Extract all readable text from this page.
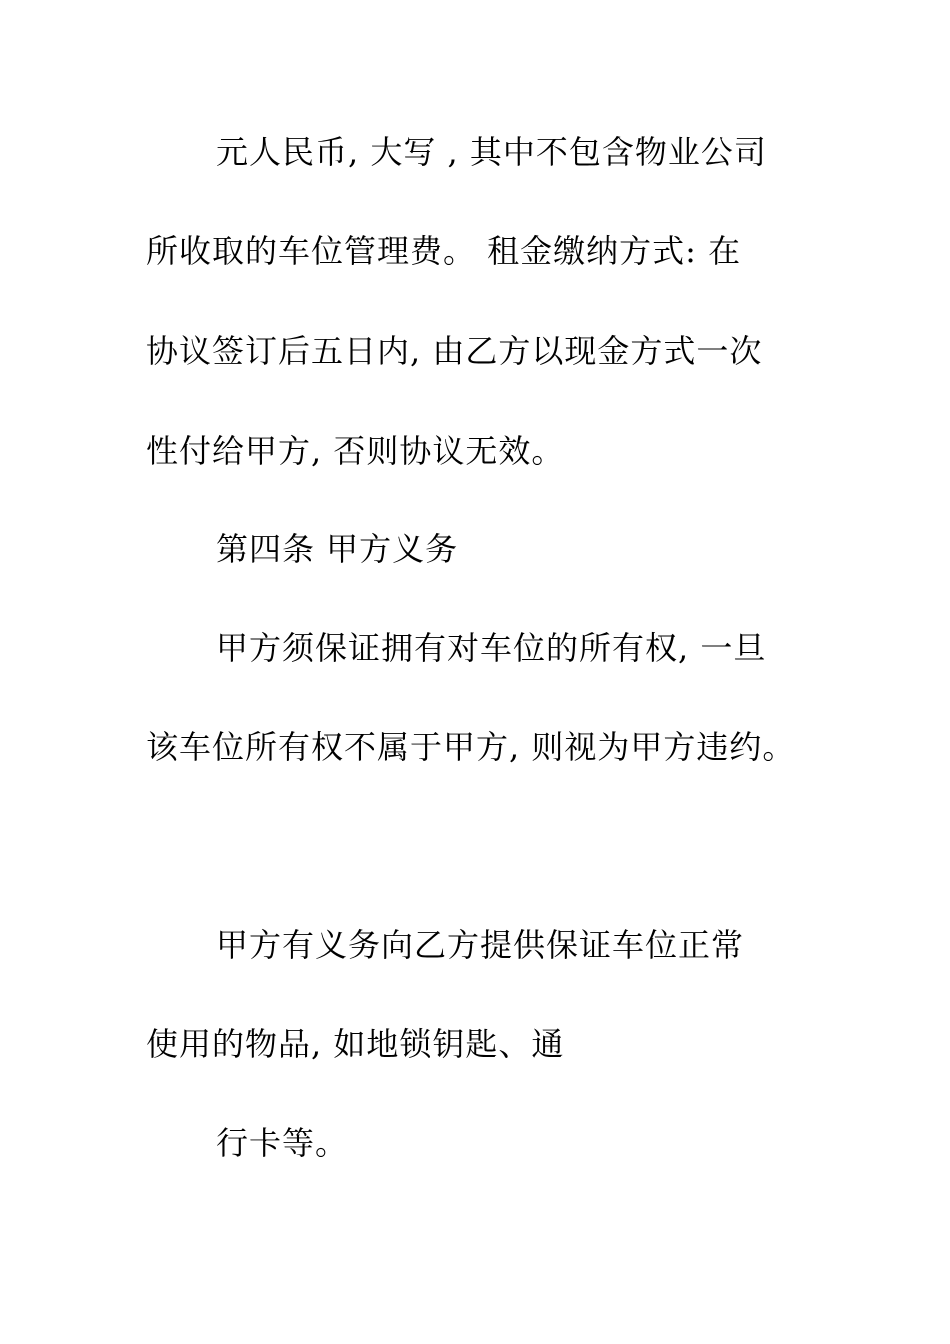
元人民币, 大写 , 其中不包含物业公司
所收取的车位管理费。 租金缴纳方式: 在
协议签订后五日内, 由乙方以现金方式一次
性付给甲方, 否则协议无效。
第四条 甲方义务
甲方须保证拥有对车位的所有权, 一旦
该车位所有权不属于甲方, 则视为甲方违约。
甲方有义务向乙方提供保证车位正常
使用的物品, 如地锁钥匙、通
行卡等。
